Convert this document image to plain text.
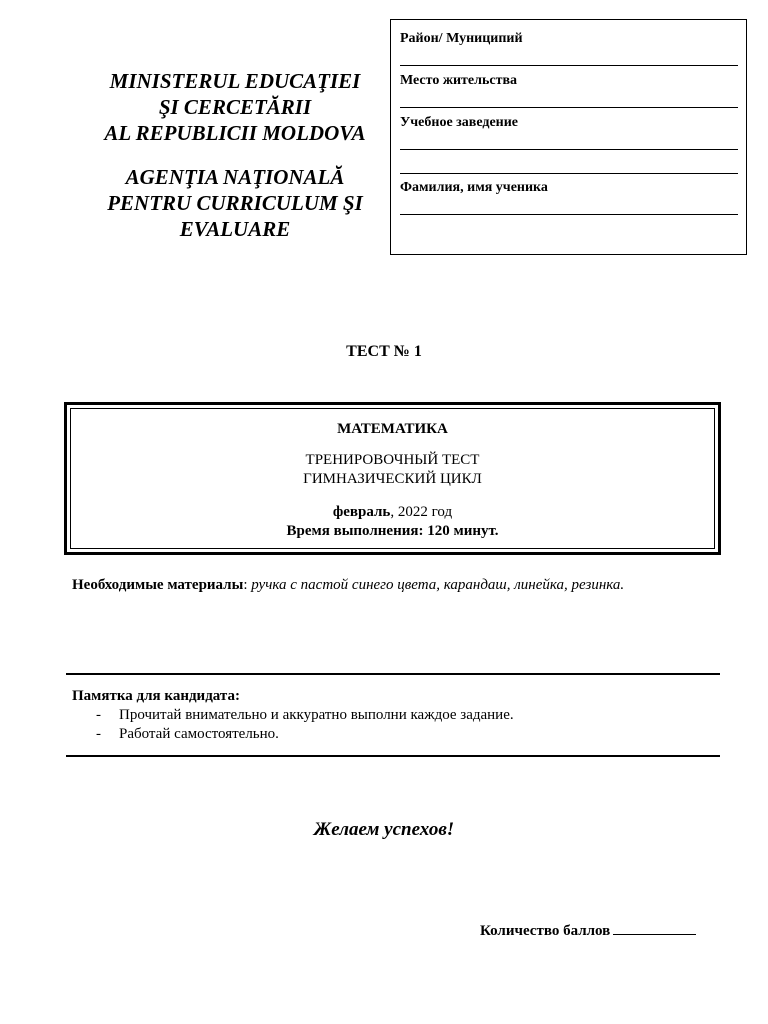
MINISTERUL EDUCAŢIEI
ŞI CERCETĂRII
AL REPUBLICII MOLDOVA
AGENŢIA NAŢIONALĂ
PENTRU CURRICULUM ŞI
EVALUARE
Район/ Муниципий
Место жительства
Учебное заведение
Фамилия, имя ученика
ТЕСТ № 1
МАТЕМАТИКА
ТРЕНИРОВОЧНЫЙ ТЕСТ
ГИМНАЗИЧЕСКИЙ ЦИКЛ
февраль, 2022 год
Время выполнения: 120 минут.
Необходимые материалы: ручка с пастой синего цвета, карандаш, линейка, резинка.
Памятка для кандидата:
- Прочитай внимательно и аккуратно выполни каждое задание.
- Работай самостоятельно.
Желаем успехов!
Количество баллов
